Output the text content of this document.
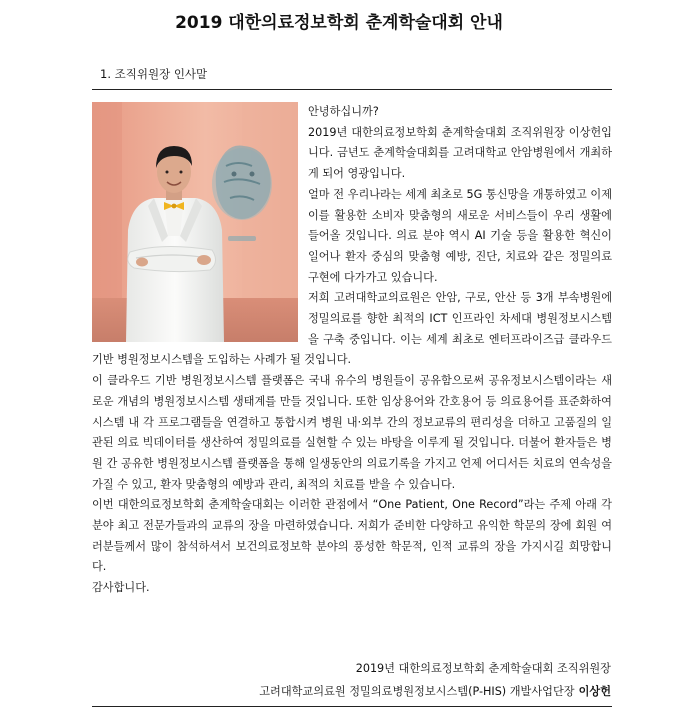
2019 대한의료정보학회 춘계학술대회 안내
1. 조직위원장 인사말

안녕하십니까?

2019년 대한의료정보학회 춘계학술대회 조직위원장 이상헌입니다. 금년도 춘계학술대회를 고려대학교 안암병원에서 개최하게 되어 영광입니다.

얼마 전 우리나라는 세계 최초로 5G 통신망을 개통하였고 이제 이를 활용한 소비자 맞춤형의 새로운 서비스들이 우리 생활에 들어올 것입니다. 의료 분야 역시 AI 기술 등을 활용한 혁신이 일어나 환자 중심의 맞춤형 예방, 진단, 치료와 같은 정밀의료 구현에 다가가고 있습니다.

저희 고려대학교의료원은 안암, 구로, 안산 등 3개 부속병원에 정밀의료를 향한 최적의 ICT 인프라인 차세대 병원정보시스템을 구축 중입니다. 이는 세계 최초로 엔터프라이즈급 클라우드 기반 병원정보시스템을 도입하는 사례가 될 것입니다.

이 클라우드 기반 병원정보시스템 플랫폼은 국내 유수의 병원들이 공유함으로써 공유정보시스템이라는 새로운 개념의 병원정보시스템 생태계를 만들 것입니다. 또한 임상용어와 간호용어 등 의료용어를 표준화하여 시스템 내 각 프로그램들을 연결하고 통합시켜 병원 내·외부 간의 정보교류의 편리성을 더하고 고품질의 일관된 의료 빅데이터를 생산하여 정밀의료를 실현할 수 있는 바탕을 이루게 될 것입니다. 더불어 환자들은 병원 간 공유한 병원정보시스템 플랫폼을 통해 일생동안의 의료기록을 가지고 언제 어디서든 치료의 연속성을 가질 수 있고, 환자 맞춤형의 예방과 관리, 최적의 치료를 받을 수 있습니다.

이번 대한의료정보학회 춘계학술대회는 이러한 관점에서 “One Patient, One Record”라는 주제 아래 각 분야 최고 전문가들과의 교류의 장을 마련하였습니다. 저희가 준비한 다양하고 유익한 학문의 장에 회원 여러분들께서 많이 참석하셔서 보건의료정보학 분야의 풍성한 학문적, 인적 교류의 장을 가지시길 희망합니다.

감사합니다.

2019년 대한의료정보학회 춘계학술대회 조직위원장
고려대학교의료원 정밀의료병원정보시스템(P-HIS) 개발사업단장 이상헌
